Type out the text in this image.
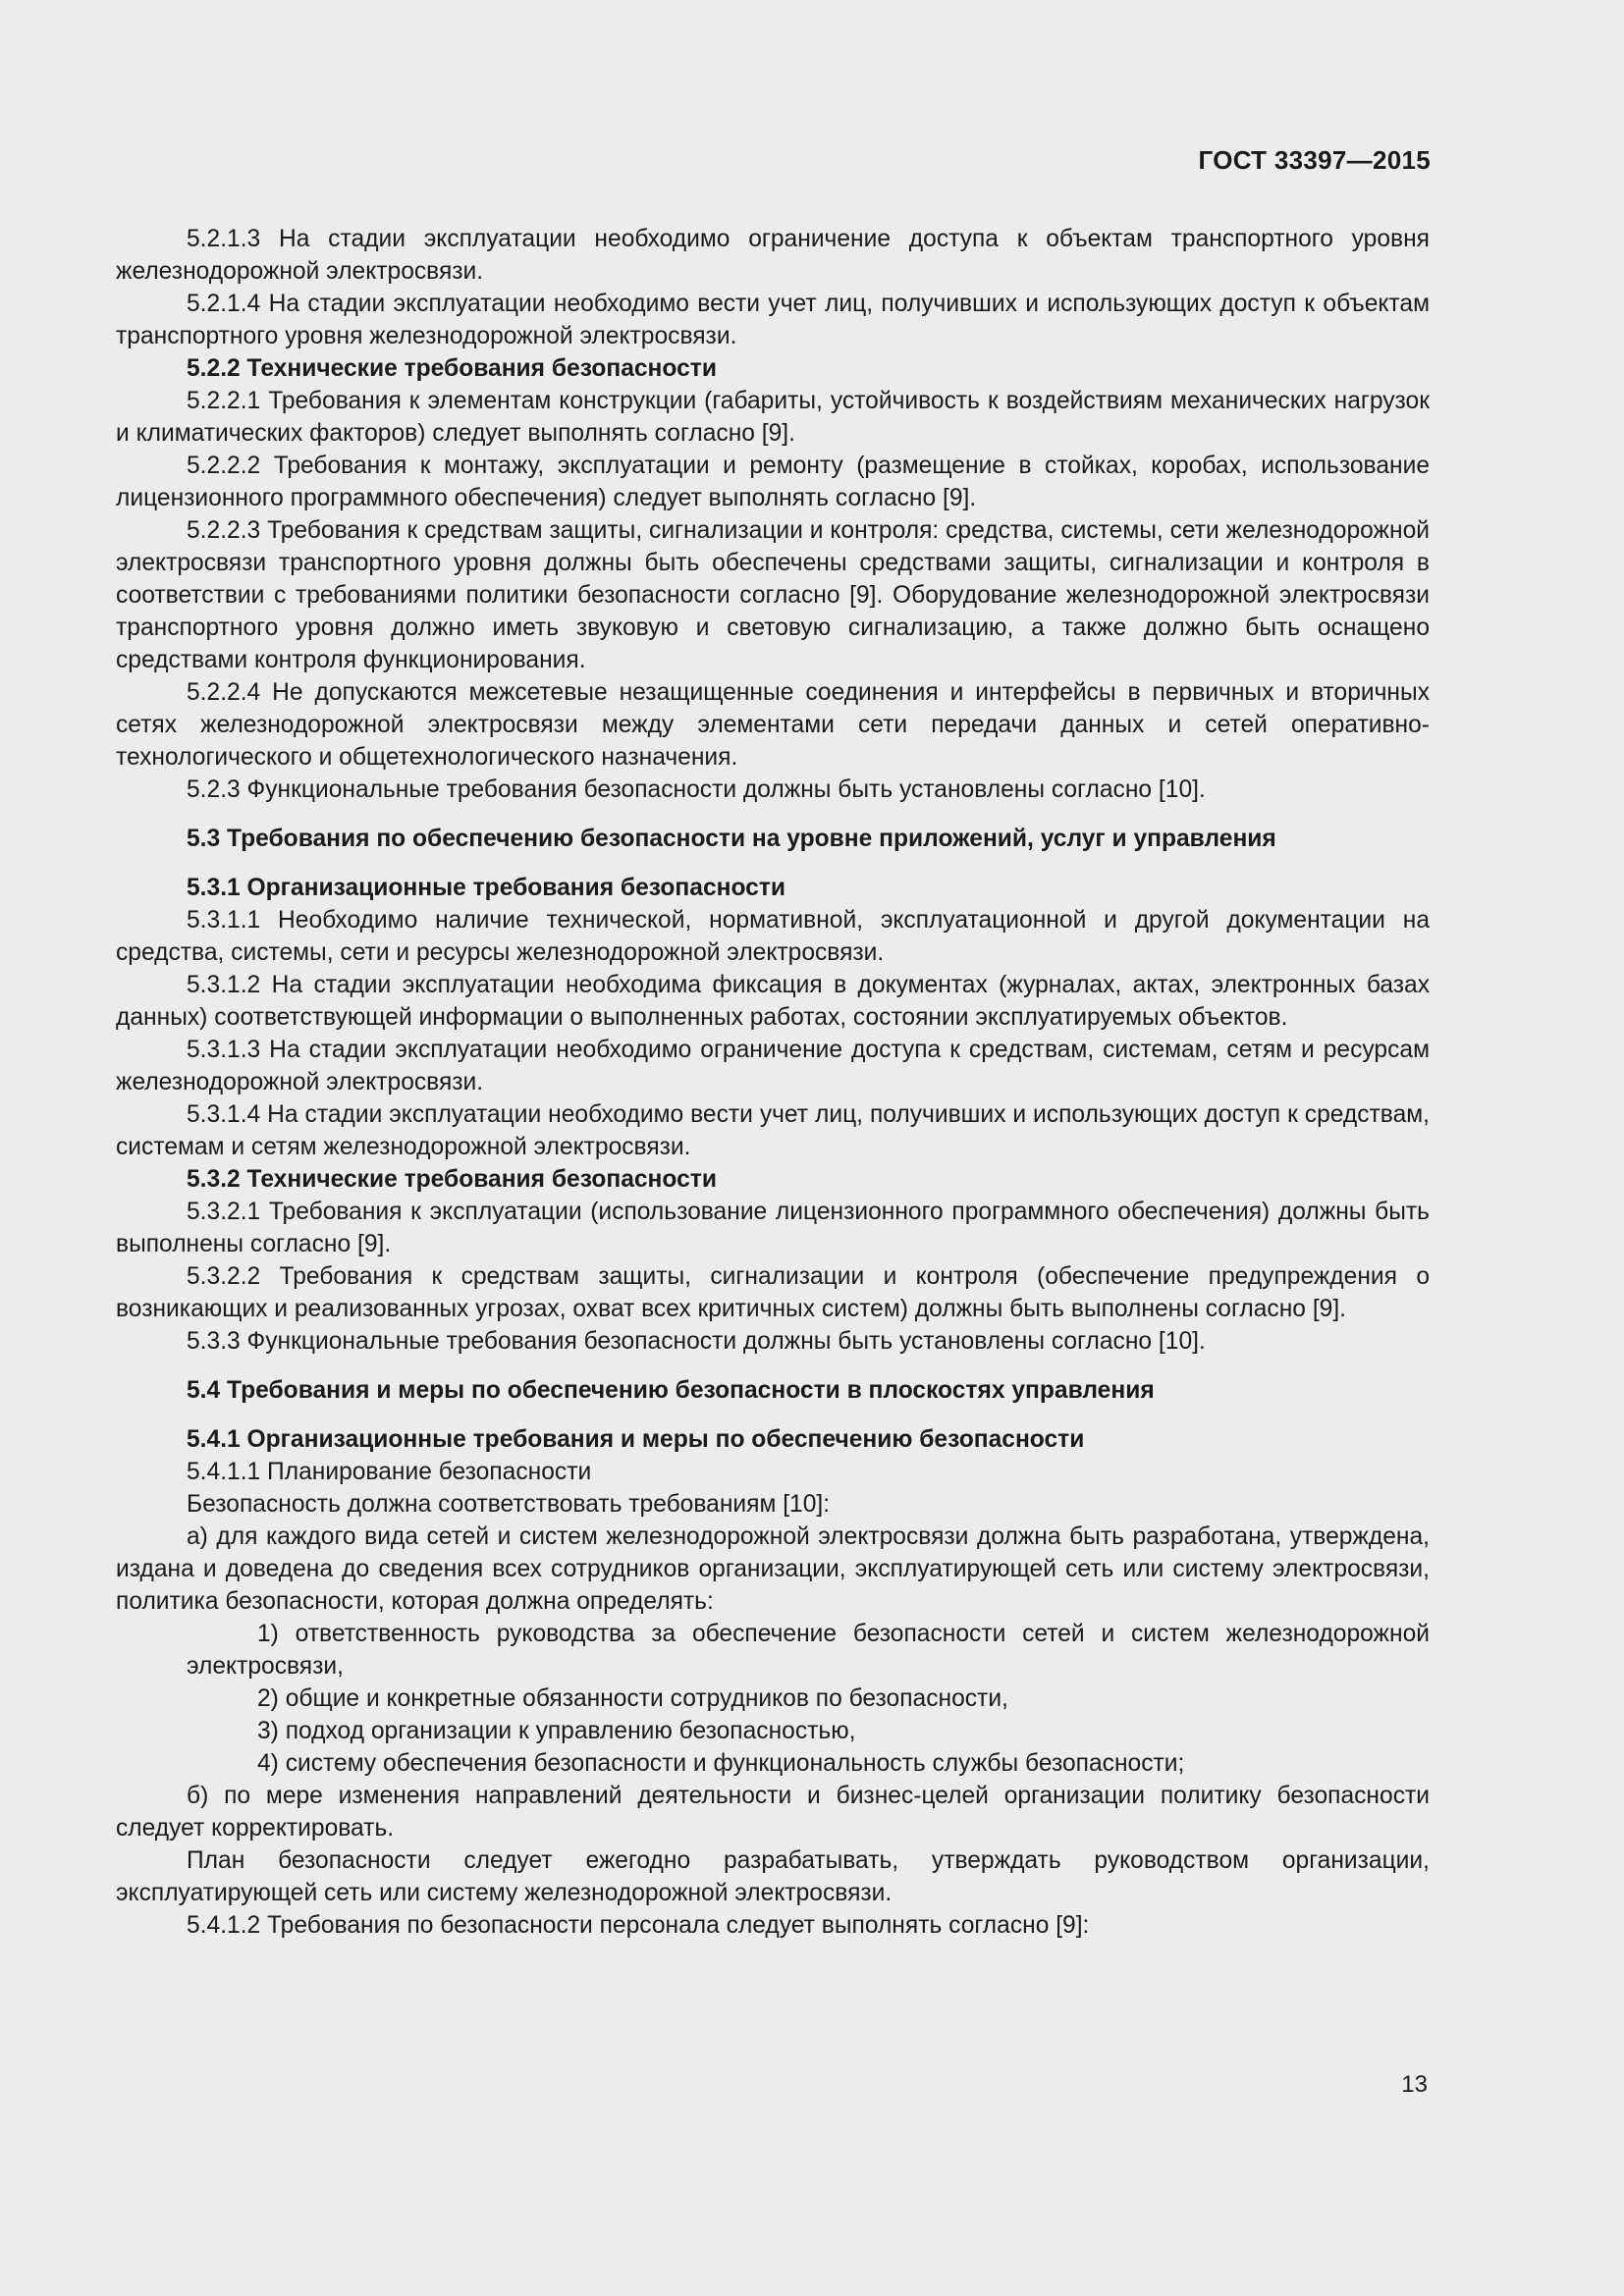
ГОСТ 33397—2015

5.2.1.3 На стадии эксплуатации необходимо ограничение доступа к объектам транспортного уровня железнодорожной электросвязи.

5.2.1.4 На стадии эксплуатации необходимо вести учет лиц, получивших и использующих доступ к объектам транспортного уровня железнодорожной электросвязи.

5.2.2 Технические требования безопасности

5.2.2.1 Требования к элементам конструкции (габариты, устойчивость к воздействиям механических нагрузок и климатических факторов) следует выполнять согласно [9].

5.2.2.2 Требования к монтажу, эксплуатации и ремонту (размещение в стойках, коробах, использование лицензионного программного обеспечения) следует выполнять согласно [9].

5.2.2.3 Требования к средствам защиты, сигнализации и контроля: средства, системы, сети железнодорожной электросвязи транспортного уровня должны быть обеспечены средствами защиты, сигнализации и контроля в соответствии с требованиями политики безопасности согласно [9]. Оборудование железнодорожной электросвязи транспортного уровня должно иметь звуковую и световую сигнализацию, а также должно быть оснащено средствами контроля функционирования.

5.2.2.4 Не допускаются межсетевые незащищенные соединения и интерфейсы в первичных и вторичных сетях железнодорожной электросвязи между элементами сети передачи данных и сетей оперативно-технологического и общетехнологического назначения.

5.2.3 Функциональные требования безопасности должны быть установлены согласно [10].

5.3 Требования по обеспечению безопасности на уровне приложений, услуг и управления

5.3.1 Организационные требования безопасности

5.3.1.1 Необходимо наличие технической, нормативной, эксплуатационной и другой документации на средства, системы, сети и ресурсы железнодорожной электросвязи.

5.3.1.2 На стадии эксплуатации необходима фиксация в документах (журналах, актах, электронных базах данных) соответствующей информации о выполненных работах, состоянии эксплуатируемых объектов.

5.3.1.3 На стадии эксплуатации необходимо ограничение доступа к средствам, системам, сетям и ресурсам железнодорожной электросвязи.

5.3.1.4 На стадии эксплуатации необходимо вести учет лиц, получивших и использующих доступ к средствам, системам и сетям железнодорожной электросвязи.

5.3.2 Технические требования безопасности

5.3.2.1 Требования к эксплуатации (использование лицензионного программного обеспечения) должны быть выполнены согласно [9].

5.3.2.2 Требования к средствам защиты, сигнализации и контроля (обеспечение предупреждения о возникающих и реализованных угрозах, охват всех критичных систем) должны быть выполнены согласно [9].

5.3.3 Функциональные требования безопасности должны быть установлены согласно [10].

5.4 Требования и меры по обеспечению безопасности в плоскостях управления

5.4.1 Организационные требования и меры по обеспечению безопасности

5.4.1.1 Планирование безопасности

Безопасность должна соответствовать требованиям [10]:

а) для каждого вида сетей и систем железнодорожной электросвязи должна быть разработана, утверждена, издана и доведена до сведения всех сотрудников организации, эксплуатирующей сеть или систему электросвязи, политика безопасности, которая должна определять:

1) ответственность руководства за обеспечение безопасности сетей и систем железнодорожной электросвязи,

2) общие и конкретные обязанности сотрудников по безопасности,

3) подход организации к управлению безопасностью,

4) систему обеспечения безопасности и функциональность службы безопасности;

б) по мере изменения направлений деятельности и бизнес-целей организации политику безопасности следует корректировать.

План безопасности следует ежегодно разрабатывать, утверждать руководством организации, эксплуатирующей сеть или систему железнодорожной электросвязи.

5.4.1.2 Требования по безопасности персонала следует выполнять согласно [9]:

13
